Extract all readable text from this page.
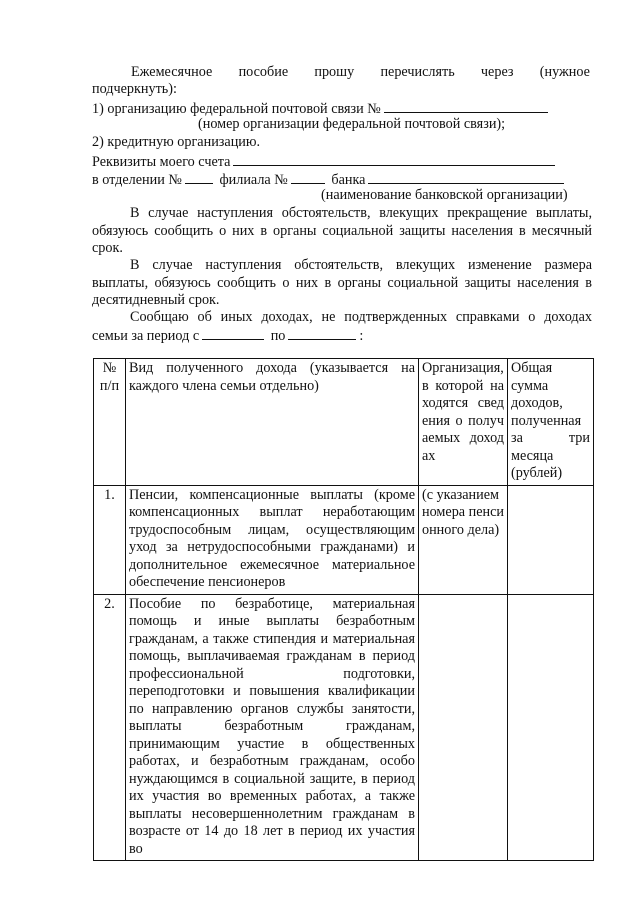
Ежемесячное пособие прошу перечислять через (нужное
подчеркнуть):
1) организацию федеральной почтовой связи №
(номер организации федеральной почтовой связи);
2) кредитную организацию.
Реквизиты моего счета
в отделении №	филиала №	банка
(наименование банковской организации)
В случае наступления обстоятельств, влекущих прекращение выплаты, обязуюсь сообщить о них в органы социальной защиты населения в месячный срок.
В случае наступления обстоятельств, влекущих изменение размера выплаты, обязуюсь сообщить о них в органы социальной защиты населения в десятидневный срок.
Сообщаю об иных доходах, не подтвержденных справками о доходах
семьи за период с	по	:
№ п/п	Вид полученного дохода (указывается на каждого члена семьи отдельно)	Организация, в которой находятся сведения о получаемых доходах	Общая сумма доходов, полученная за три месяца (рублей)
1.	Пенсии, компенсационные выплаты (кроме компенсационных выплат неработающим трудоспособным лицам, осуществляющим уход за нетрудоспособными гражданами) и дополнительное ежемесячное материальное обеспечение пенсионеров	(с указанием номера пенсионного дела)	
2.	Пособие по безработице, материальная помощь и иные выплаты безработным гражданам, а также стипендия и материальная помощь, выплачиваемая гражданам в период профессиональной подготовки, переподготовки и повышения квалификации по направлению органов службы занятости, выплаты безработным гражданам, принимающим участие в общественных работах, и безработным гражданам, особо нуждающимся в социальной защите, в период их участия во временных работах, а также выплаты несовершеннолетним гражданам в возрасте от 14 до 18 лет в период их участия во		
